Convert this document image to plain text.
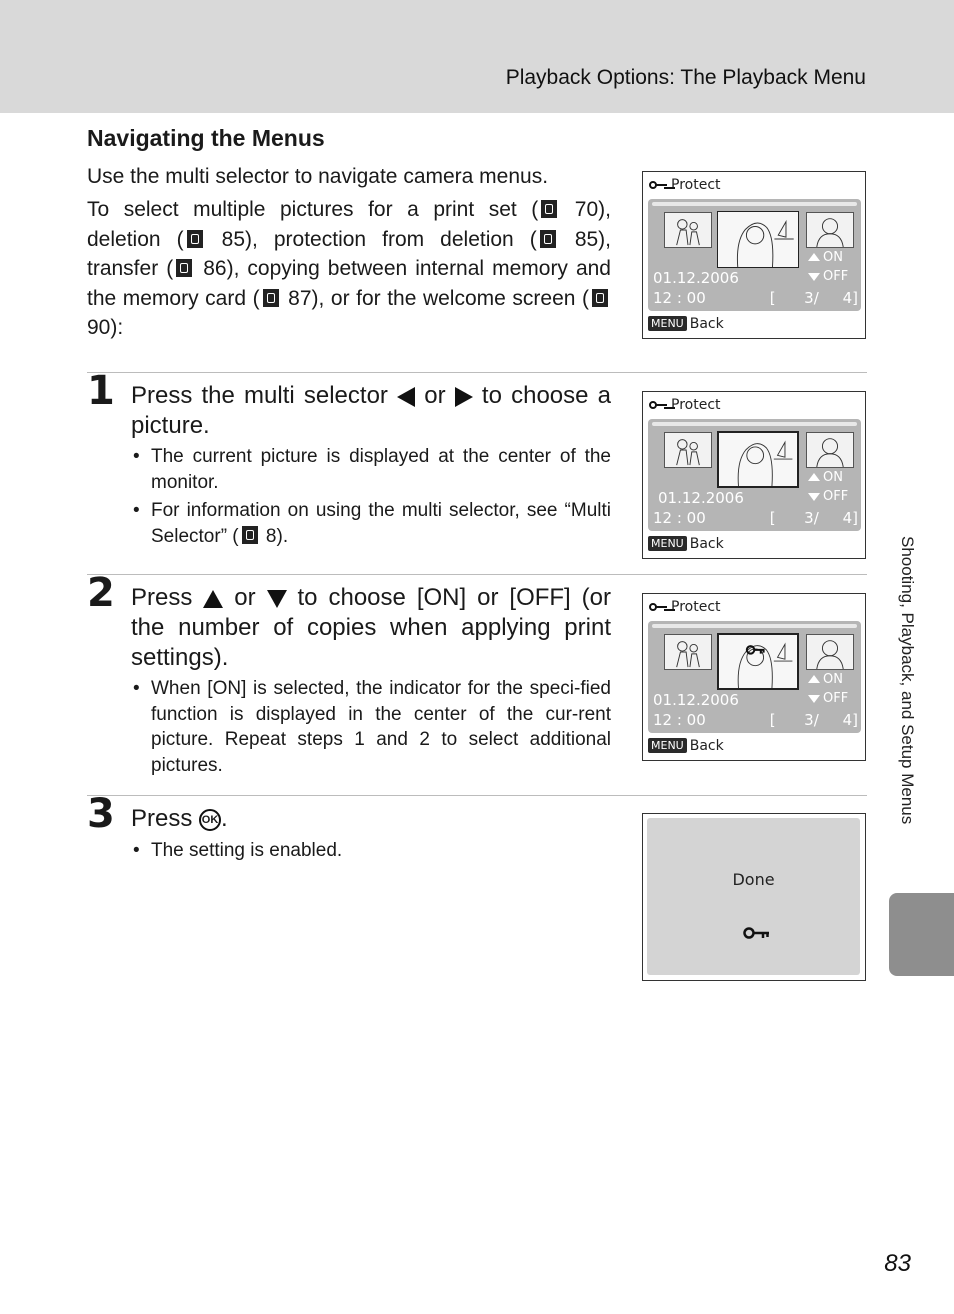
Playback Options: The Playback Menu
Navigating the Menus
Use the multi selector to navigate camera menus.
To select multiple pictures for a print set ( 70), deletion ( 85), protection from deletion ( 85), transfer ( 86), copying between internal memory and the memory card ( 87), or for the welcome screen ( 90):
Protect
ON
OFF
01.12.2006
12 : 00	[      3/     4]
MENU Back
1 Press the multi selector  or  to choose a picture.
• The current picture is displayed at the center of the monitor.
• For information on using the multi selector, see “Multi Selector” ( 8).
Protect
ON
OFF
01.12.2006
12 : 00	[      3/     4]
MENU Back
2 Press  or  to choose [ON] or [OFF] (or the number of copies when applying print settings).
• When [ON] is selected, the indicator for the speci-fied function is displayed in the center of the cur-rent picture. Repeat steps 1 and 2 to select additional pictures.
Protect
ON
OFF
01.12.2006
12 : 00	[      3/     4]
MENU Back
3 Press OK .
• The setting is enabled.
Done
Shooting, Playback, and Setup Menus
83
